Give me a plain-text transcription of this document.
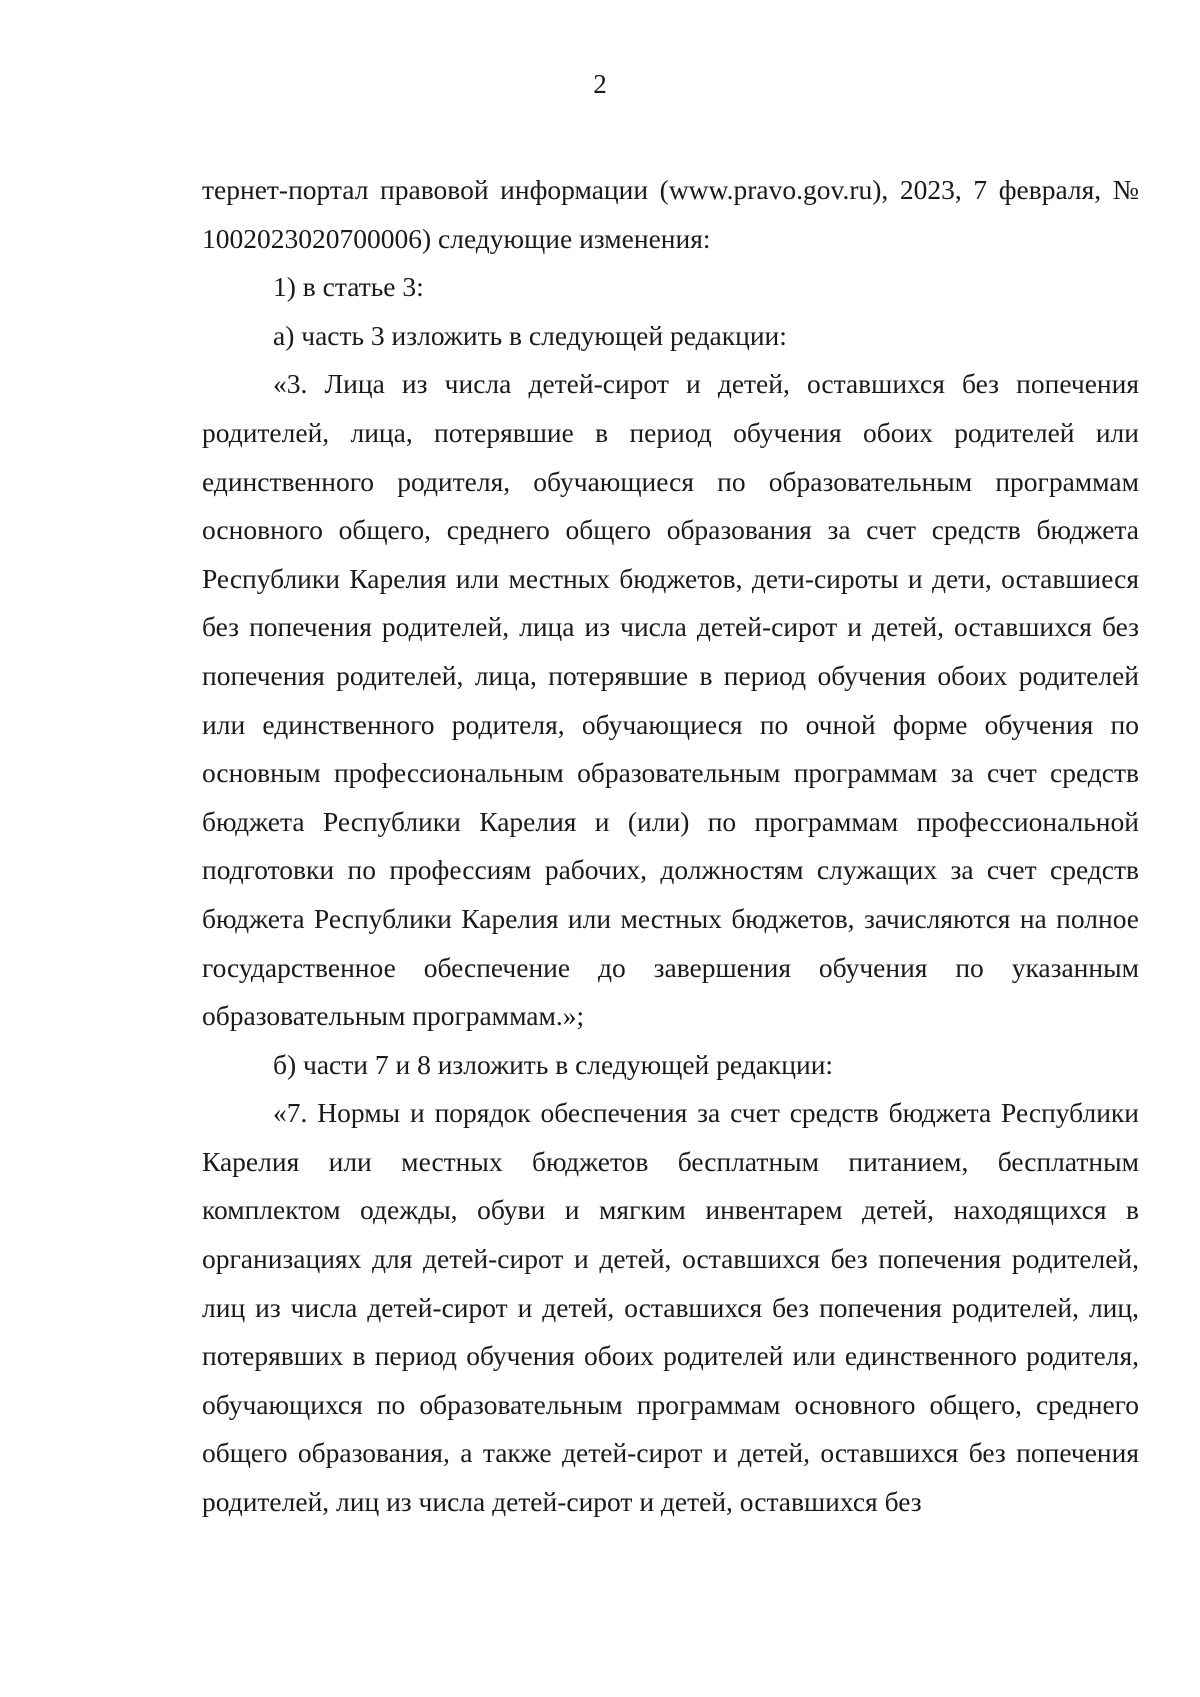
2

тернет-портал правовой информации (www.pravo.gov.ru), 2023, 7 февраля, № 1002023020700006) следующие изменения:

1) в статье 3:

а) часть 3 изложить в следующей редакции:

«3. Лица из числа детей-сирот и детей, оставшихся без попечения родителей, лица, потерявшие в период обучения обоих родителей или единственного родителя, обучающиеся по образовательным программам основного общего, среднего общего образования за счет средств бюджета Республики Карелия или местных бюджетов, дети-сироты и дети, оставшиеся без попечения родителей, лица из числа детей-сирот и детей, оставшихся без попечения родителей, лица, потерявшие в период обучения обоих родителей или единственного родителя, обучающиеся по очной форме обучения по основным профессиональным образовательным программам за счет средств бюджета Республики Карелия и (или) по программам профессиональной подготовки по профессиям рабочих, должностям служащих за счет средств бюджета Республики Карелия или местных бюджетов, зачисляются на полное государственное обеспечение до завершения обучения по указанным образовательным программам.»;

б) части 7 и 8 изложить в следующей редакции:

«7. Нормы и порядок обеспечения за счет средств бюджета Республики Карелия или местных бюджетов бесплатным питанием, бесплатным комплектом одежды, обуви и мягким инвентарем детей, находящихся в организациях для детей-сирот и детей, оставшихся без попечения родителей, лиц из числа детей-сирот и детей, оставшихся без попечения родителей, лиц, потерявших в период обучения обоих родителей или единственного родителя, обучающихся по образовательным программам основного общего, среднего общего образования, а также детей-сирот и детей, оставшихся без попечения родителей, лиц из числа детей-сирот и детей, оставшихся без
